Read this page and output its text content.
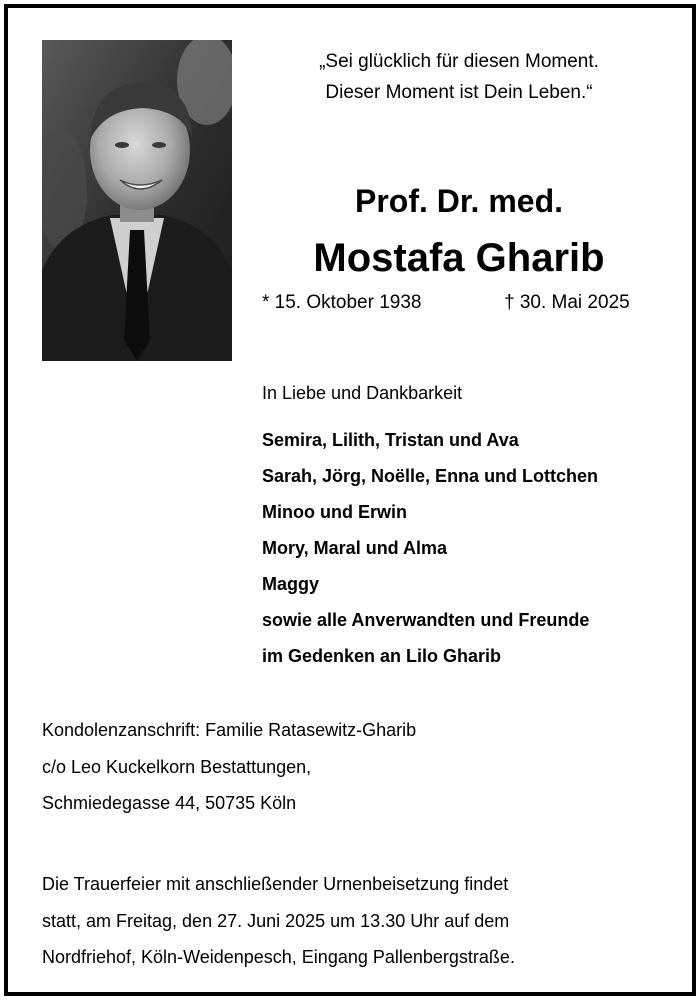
„Sei glücklich für diesen Moment.
Dieser Moment ist Dein Leben.“
Prof. Dr. med.
Mostafa Gharib
* 15. Oktober 1938	† 30. Mai 2025
In Liebe und Dankbarkeit
Semira, Lilith, Tristan und Ava
Sarah, Jörg, Noëlle, Enna und Lottchen
Minoo und Erwin
Mory, Maral und Alma
Maggy
sowie alle Anverwandten und Freunde
im Gedenken an Lilo Gharib
Kondolenzanschrift: Familie Ratasewitz-Gharib
c/o Leo Kuckelkorn Bestattungen,
Schmiedegasse 44, 50735 Köln
Die Trauerfeier mit anschließender Urnenbeisetzung findet
statt, am Freitag, den 27. Juni 2025 um 13.30 Uhr auf dem
Nordfriehof, Köln-Weidenpesch, Eingang Pallenbergstraße.
